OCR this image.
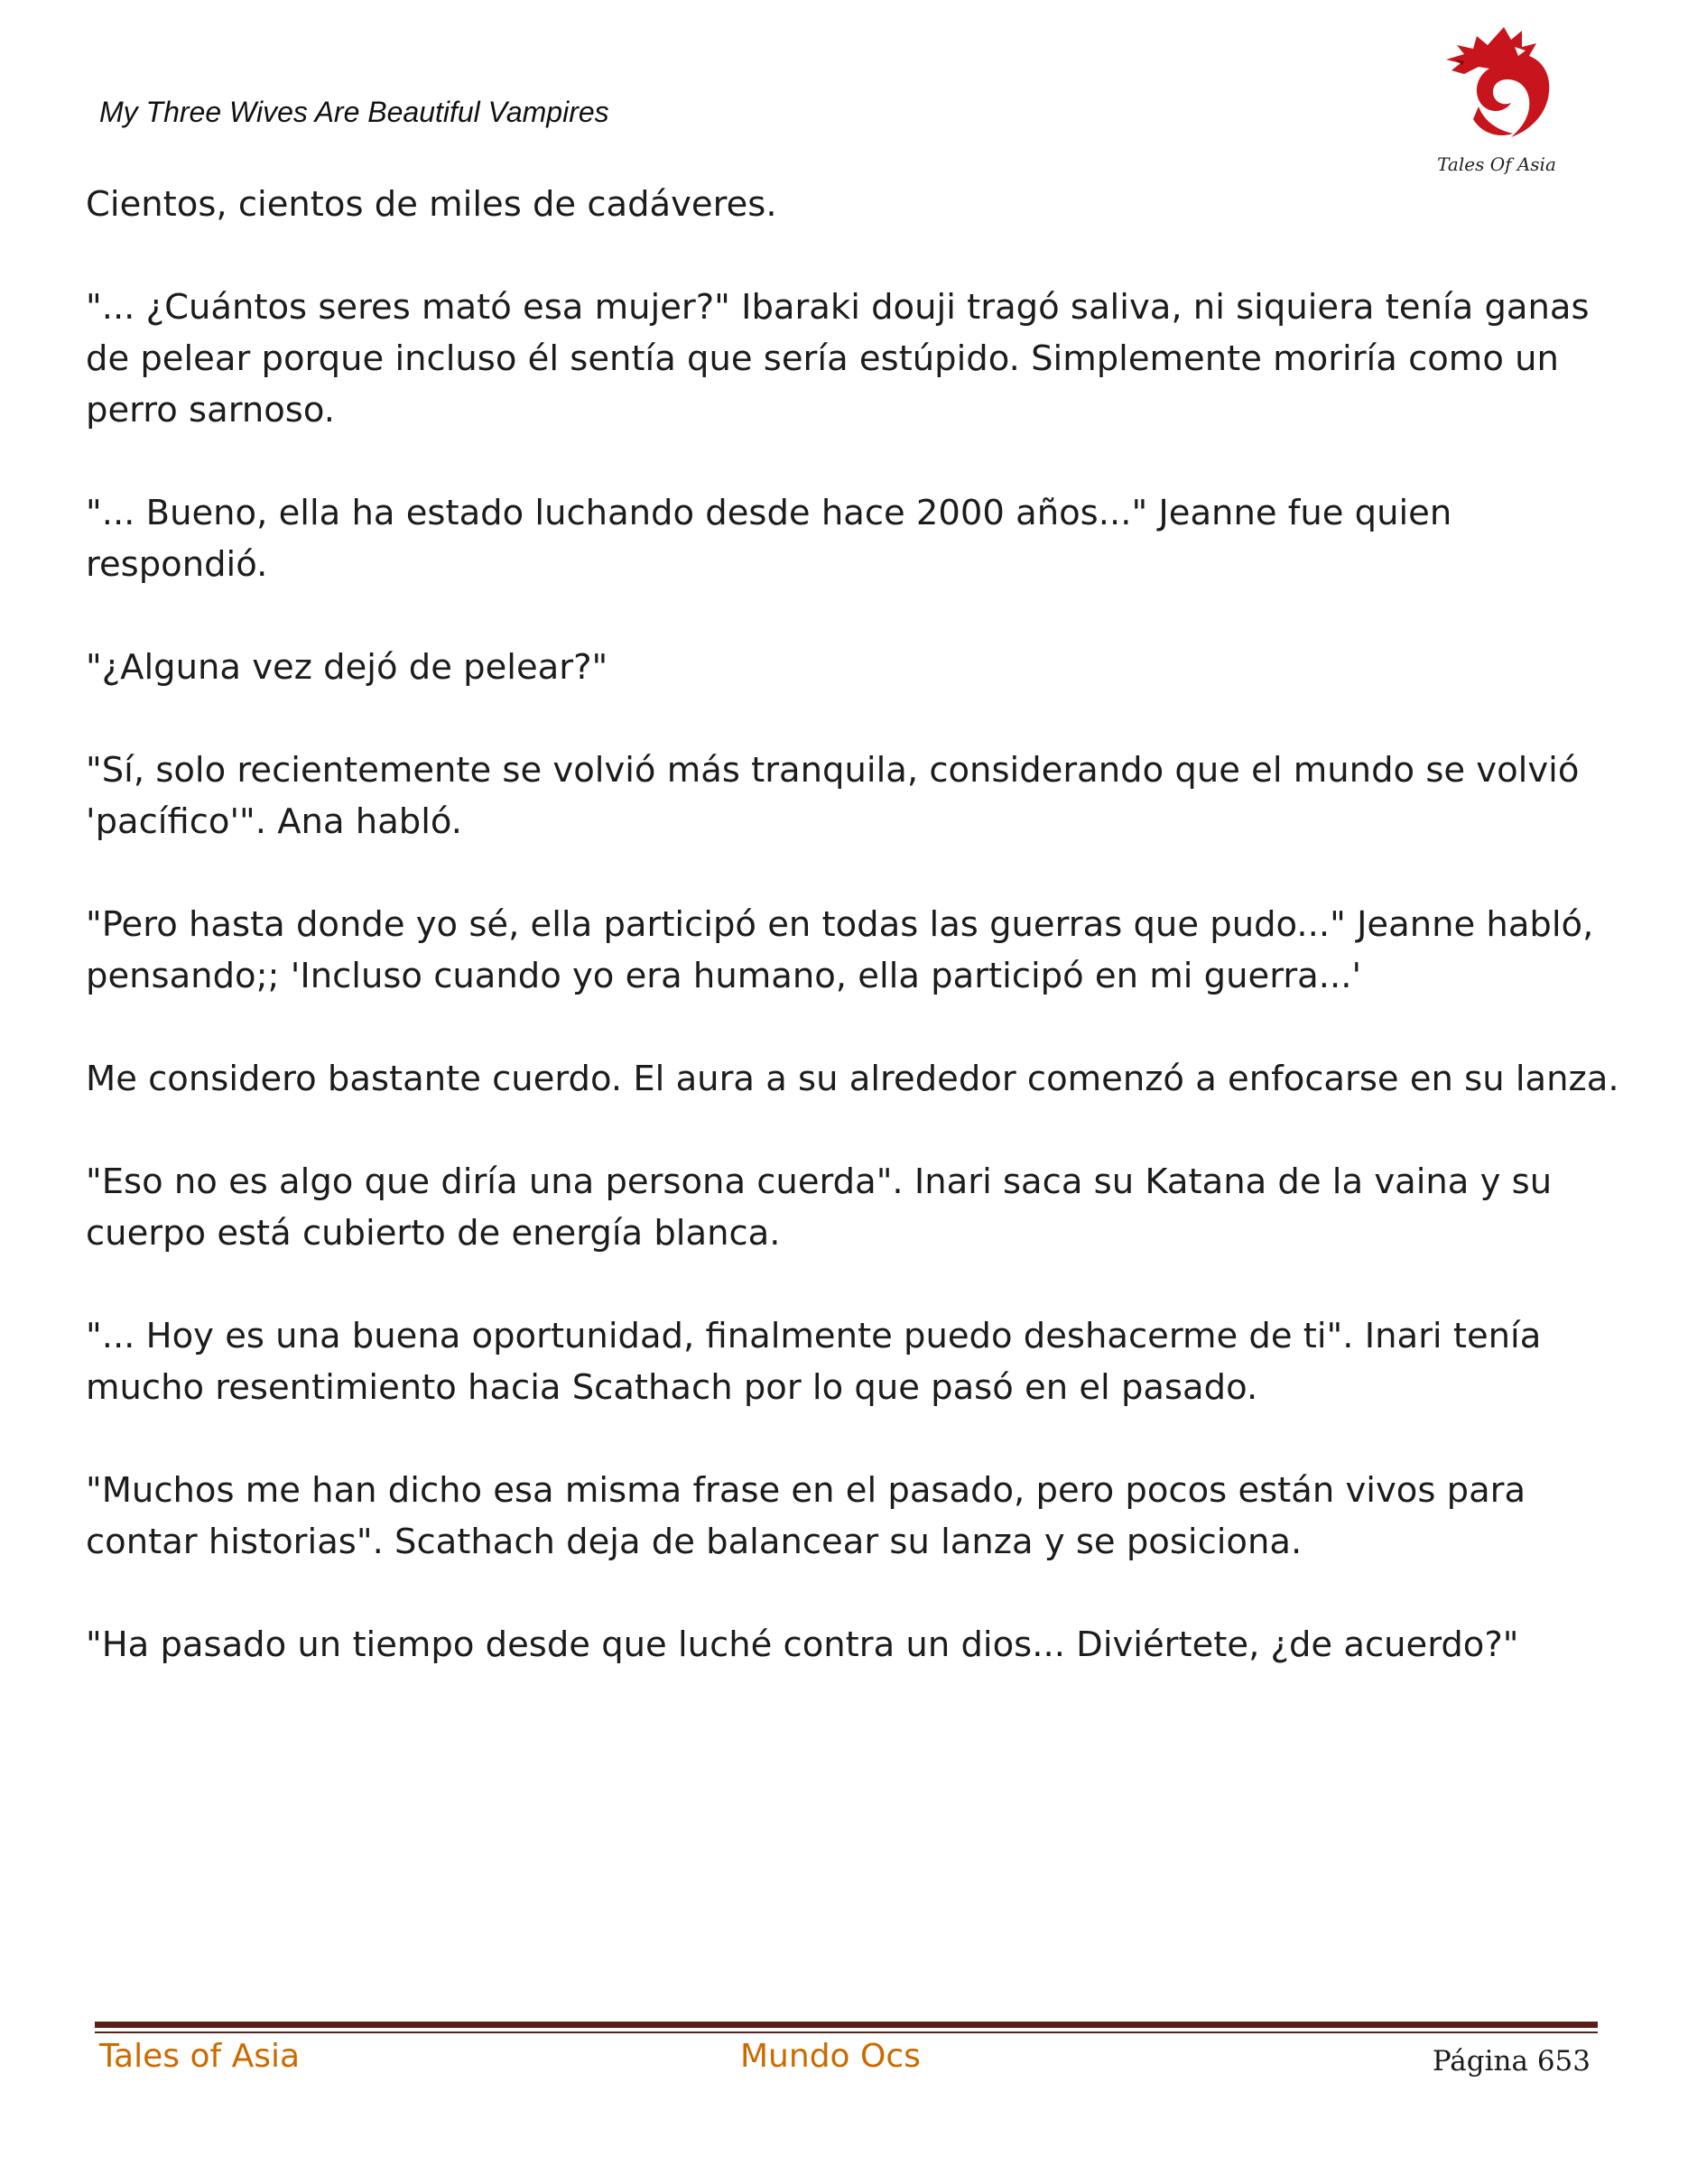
My Three Wives Are Beautiful Vampires
Tales Of Asia

Cientos, cientos de miles de cadáveres.

"... ¿Cuántos seres mató esa mujer?" Ibaraki douji tragó saliva, ni siquiera tenía ganas de pelear porque incluso él sentía que sería estúpido. Simplemente moriría como un perro sarnoso.

"... Bueno, ella ha estado luchando desde hace 2000 años..." Jeanne fue quien respondió.

"¿Alguna vez dejó de pelear?"

"Sí, solo recientemente se volvió más tranquila, considerando que el mundo se volvió 'pacífico'". Ana habló.

"Pero hasta donde yo sé, ella participó en todas las guerras que pudo..." Jeanne habló, pensando;; 'Incluso cuando yo era humano, ella participó en mi guerra...'

Me considero bastante cuerdo. El aura a su alrededor comenzó a enfocarse en su lanza.

"Eso no es algo que diría una persona cuerda". Inari saca su Katana de la vaina y su cuerpo está cubierto de energía blanca.

"... Hoy es una buena oportunidad, finalmente puedo deshacerme de ti". Inari tenía mucho resentimiento hacia Scathach por lo que pasó en el pasado.

"Muchos me han dicho esa misma frase en el pasado, pero pocos están vivos para contar historias". Scathach deja de balancear su lanza y se posiciona.

"Ha pasado un tiempo desde que luché contra un dios... Diviértete, ¿de acuerdo?"

Tales of Asia	Mundo Ocs	Página 653
